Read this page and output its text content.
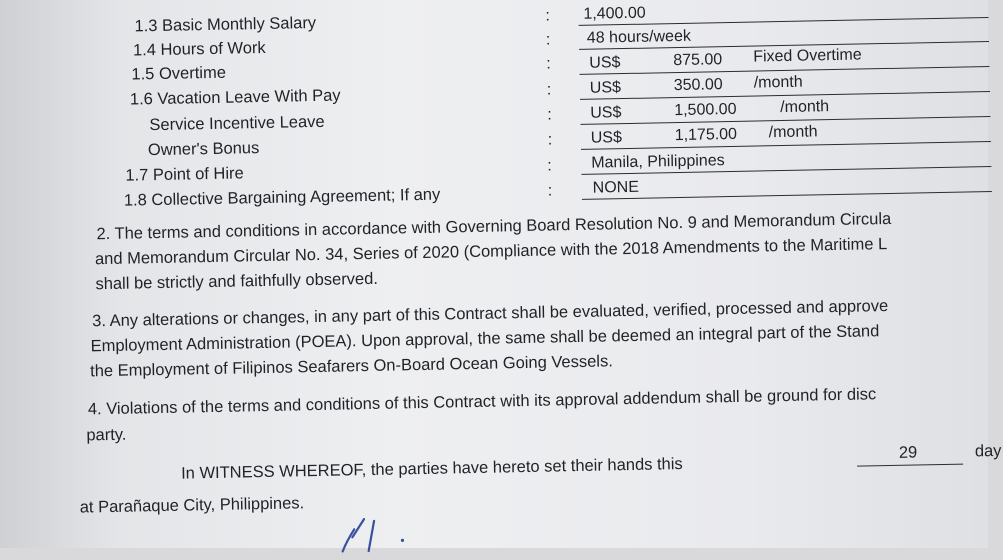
1.3 Basic Monthly Salary	: 1,400.00
1.4 Hours of Work	: 48 hours/week
1.5 Overtime	: US$	875.00 Fixed Overtime
1.6 Vacation Leave With Pay	: US$	350.00 /month
Service Incentive Leave	: US$	1,500.00	/month
Owner's Bonus	: US$	1,175.00 /month
1.7 Point of Hire	: Manila, Philippines
1.8 Collective Bargaining Agreement; If any	:	NONE
2. The terms and conditions in accordance with Governing Board Resolution No. 9 and Memorandum Circula
and Memorandum Circular No. 34, Series of 2020 (Compliance with the 2018 Amendments to the Maritime L
shall be strictly and faithfully observed.
3. Any alterations or changes, in any part of this Contract shall be evaluated, verified, processed and approve
Employment Administration (POEA). Upon approval, the same shall be deemed an integral part of the Stand
the Employment of Filipinos Seafarers On-Board Ocean Going Vessels.
4. Violations of the terms and conditions of this Contract with its approval addendum shall be ground for disc
party.
In WITNESS WHEREOF, the parties have hereto set their hands this
29	day
at Parañaque City, Philippines.
